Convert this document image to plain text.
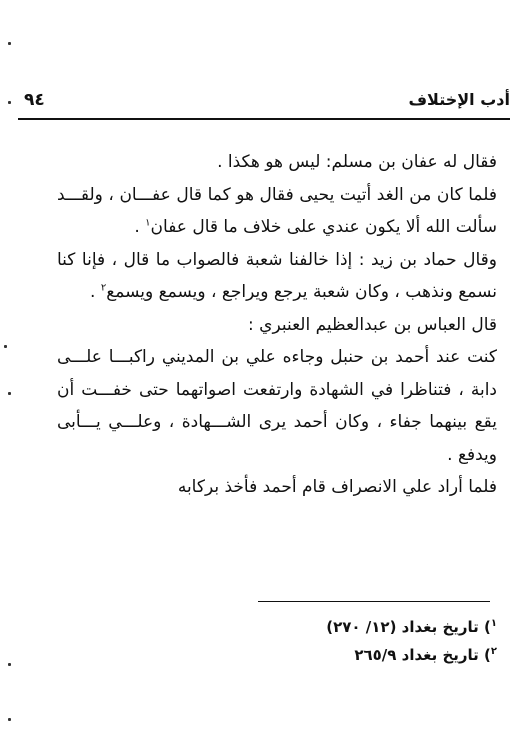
أدب الإختلاف
٩٤
فقال له عفان بن مسلم: ليس هو هكذا .
فلما كان من الغد أتيت يحيى فقال هو كما قال عفـــان ، ولقـــد
سألت الله ألا يكون عندي على خلاف ما قال عفان$^١$ .
وقال حماد بن زيد : إذا خالفنا شعبة فالصواب ما قال ، فإنا كنا
نسمع ونذهب ، وكان شعبة يرجع ويراجع ، ويسمع ويسمع$^٢$ .
قال العباس بن عبدالعظيم العنبري :
كنت عند أحمد بن حنبل وجاءه علي بن المديني راكبـــا علـــى
دابة ، فتناظرا في الشهادة وارتفعت اصواتهما حتى خفـــت أن
يقع بينهما جفاء ، وكان أحمد يرى الشـــهادة ، وعلـــي يـــأبى
ويدفع .
فلما أراد علي الانصراف قام أحمد فأخذ بركابه
$^١$) تاريخ بغداد (١٢/ ٢٧٠)
$^٢$) تاريخ بغداد ٢٦٥/٩
